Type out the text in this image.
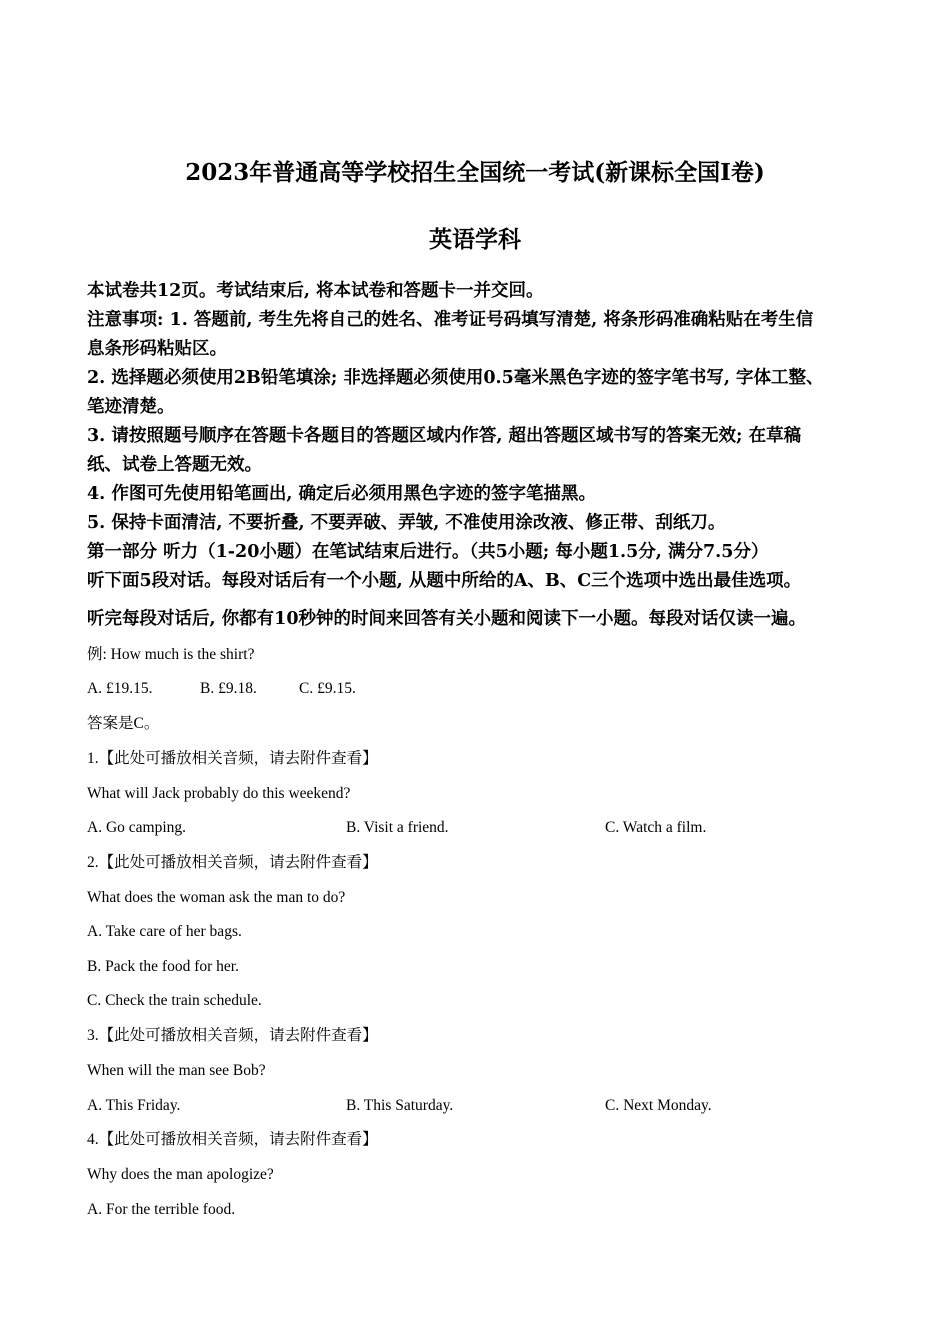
2023年普通高等学校招生全国统一考试(新课标全国Ⅰ卷)
英语学科

本试卷共12页。考试结束后, 将本试卷和答题卡一并交回。

注意事项: 1. 答题前, 考生先将自己的姓名、准考证号码填写清楚, 将条形码准确粘贴在考生信

息条形码粘贴区。

2. 选择题必须使用2B铅笔填涂; 非选择题必须使用0.5毫米黑色字迹的签字笔书写, 字体工整、

笔迹清楚。

3. 请按照题号顺序在答题卡各题目的答题区域内作答, 超出答题区域书写的答案无效; 在草稿

纸、试卷上答题无效。

4. 作图可先使用铅笔画出, 确定后必须用黑色字迹的签字笔描黑。

5. 保持卡面清洁, 不要折叠, 不要弄破、弄皱, 不准使用涂改液、修正带、刮纸刀。

第一部分 听力（1-20小题）在笔试结束后进行。（共5小题; 每小题1.5分, 满分7.5分）

听下面5段对话。每段对话后有一个小题, 从题中所给的A、B、C三个选项中选出最佳选项。

听完每段对话后, 你都有10秒钟的时间来回答有关小题和阅读下一小题。每段对话仅读一遍。

例: How much is the shirt?

A. £19.15.	B. £9.18.	C. £9.15.

答案是C。

1.【此处可播放相关音频，请去附件查看】

What will Jack probably do this weekend?

A. Go camping.	B. Visit a friend.	C. Watch a film.

2.【此处可播放相关音频，请去附件查看】

What does the woman ask the man to do?

A. Take care of her bags.

B. Pack the food for her.

C. Check the train schedule.

3.【此处可播放相关音频，请去附件查看】

When will the man see Bob?

A. This Friday.	B. This Saturday.	C. Next Monday.

4.【此处可播放相关音频，请去附件查看】

Why does the man apologize?

A. For the terrible food.
